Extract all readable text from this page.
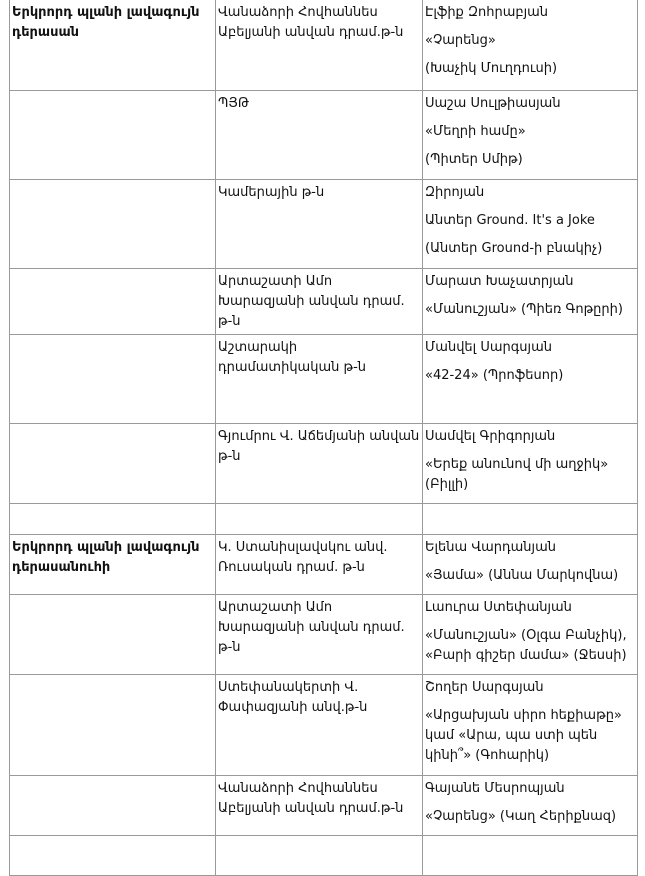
Երկրորդ պլանի լավագույն դերասան	Վանաձորի Հովհաննես Աբելյանի անվան դրամ.թ-ն	Էլֆիք Զոհրաբյան

«Չարենց»

(Խաչիկ Մուղդուսի)

	ՊՅԹ	Սաշա Սուլթիասյան

«Մեղրի համը»

(Պիտեր Սմիթ)

	Կամերային թ-ն	Զիրոյան

Անտեր Ground. It's a Joke

(Անտեր Ground-ի բնակիչ)

	Արտաշատի Ամո Խարազյանի անվան դրամ. թ-ն	Մարատ Խաչատրյան

«Մանուշյան» (Պիեռ Գոթըրի)

	Աշտարակի դրամատիկական թ-ն	Մանվել Սարգսյան

«42-24» (Պրոֆեսոր)

	Գյումրու Վ. Աճեմյանի անվան թ-ն	Սամվել Գրիգորյան

«Երեք անունով մի աղջիկ» (Բիլլի)

Երկրորդ պլանի լավագույն դերասանուհի	Կ. Ստանիսլավսկու անվ. Ռուսական դրամ. թ-ն	Ելենա Վարդանյան

«Յամա» (Աննա Մարկովնա)

	Արտաշատի Ամո Խարազյանի անվան դրամ. թ-ն	Լաուրա Ստեփանյան

«Մանուշյան» (Օլգա Բանչիկ), «Բարի գիշեր մամա» (Ջեսսի)

	Ստեփանակերտի Վ. Փափազյանի անվ.թ-ն	Շողեր Սարգսյան

«Արցախյան սիրո հեքիաթը» կամ «Արա, պա ստի պեն կինի՞» (Գոհարիկ)

	Վանաձորի Հովհաննես Աբելյանի անվան դրամ.թ-ն	Գայանե Մեսրոպյան

«Չարենց» (Կաղ Հերիքնազ)
